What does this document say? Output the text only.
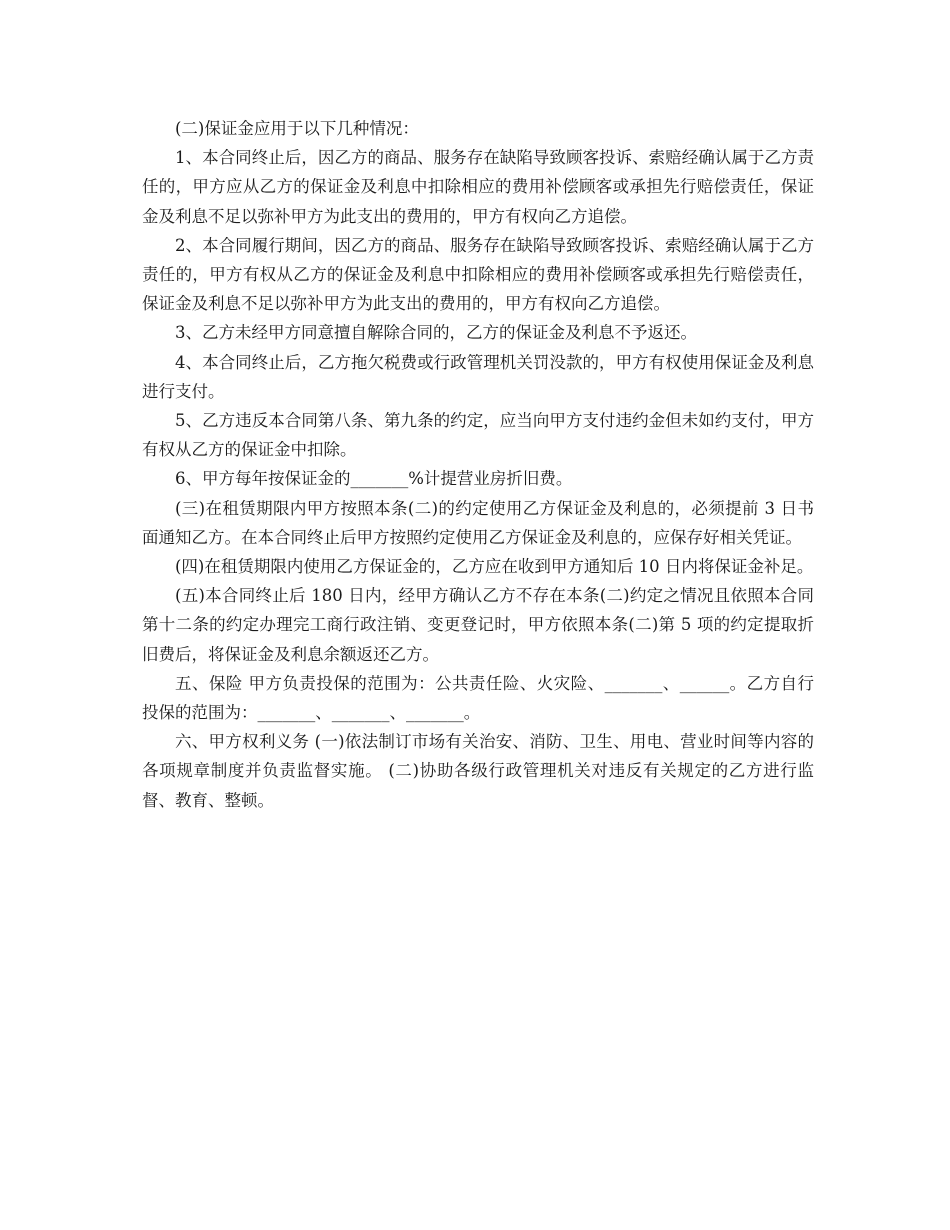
(二)保证金应用于以下几种情况：

1、本合同终止后，因乙方的商品、服务存在缺陷导致顾客投诉、索赔经确认属于乙方责任的，甲方应从乙方的保证金及利息中扣除相应的费用补偿顾客或承担先行赔偿责任，保证金及利息不足以弥补甲方为此支出的费用的，甲方有权向乙方追偿。

2、本合同履行期间，因乙方的商品、服务存在缺陷导致顾客投诉、索赔经确认属于乙方责任的，甲方有权从乙方的保证金及利息中扣除相应的费用补偿顾客或承担先行赔偿责任，保证金及利息不足以弥补甲方为此支出的费用的，甲方有权向乙方追偿。

3、乙方未经甲方同意擅自解除合同的，乙方的保证金及利息不予返还。

4、本合同终止后，乙方拖欠税费或行政管理机关罚没款的，甲方有权使用保证金及利息进行支付。

5、乙方违反本合同第八条、第九条的约定，应当向甲方支付违约金但未如约支付，甲方有权从乙方的保证金中扣除。

6、甲方每年按保证金的_______%计提营业房折旧费。

(三)在租赁期限内甲方按照本条(二)的约定使用乙方保证金及利息的，必须提前 3 日书面通知乙方。在本合同终止后甲方按照约定使用乙方保证金及利息的，应保存好相关凭证。

(四)在租赁期限内使用乙方保证金的，乙方应在收到甲方通知后 10 日内将保证金补足。

(五)本合同终止后 180 日内，经甲方确认乙方不存在本条(二)约定之情况且依照本合同第十二条的约定办理完工商行政注销、变更登记时，甲方依照本条(二)第 5 项的约定提取折旧费后，将保证金及利息余额返还乙方。

五、保险 甲方负责投保的范围为：公共责任险、火灾险、_______、______。乙方自行投保的范围为：_______、_______、_______。

六、甲方权利义务 (一)依法制订市场有关治安、消防、卫生、用电、营业时间等内容的各项规章制度并负责监督实施。 (二)协助各级行政管理机关对违反有关规定的乙方进行监督、教育、整顿。
